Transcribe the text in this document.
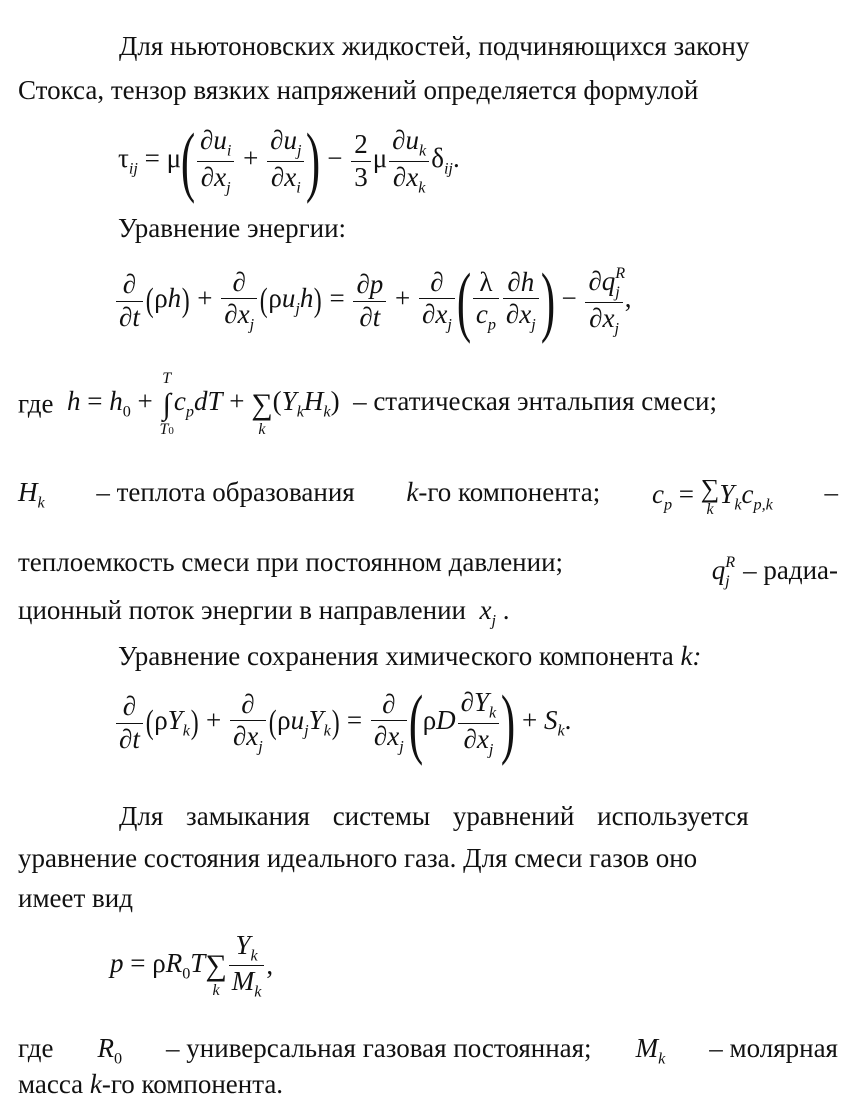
Для ньютоновских жидкостей, подчиняющихся закону
Стокса, тензор вязких напряжений определяется формулой
$\tau_{ij} = \mu( \frac{\partial u_i}{\partial x_j} + \frac{\partial u_j}{\partial x_i}$ ) − $\frac{2}{3}$ μ $\frac{\partial u_k}{\partial x_k} \delta_{ij}$.
Уравнение энергии:
∂
∂t (ρh) +
∂
$\partial x_j$
$(\rho u_jh) = \frac{\partial p}{\partial t}$ +
∂
$\partial x_j$ ( $\frac{\lambda}{c_p} \frac{\partial h}{\partial x_j}$ ) −
$\partial q^R_j$
$\partial x_j$
,
где $h = h_0$ +
T
∫
T0
$c_pdT$ +
∑
k
$(Y_kH_k)$  – статическая энтальпия смеси;
$H_k$ – теплота образования k-го компонента; $c_p$ = ∑
k
$Y_kc_{p,k}$ –
теплоемкость смеси при постоянном давлении;	$q^R_j$ – радиа-
ционный поток энергии в направлении $x_j$ .
Уравнение сохранения химического компонента k:
∂
∂t $(\rho Y_k)$ +
∂
$\partial x_j$
$(\rho u_jY_k)$ =
∂
$\partial x_j$ ($\rho D \frac{\partial Y_k}{\partial x_j}$ ) + $S_k$.
Для замыкания системы уравнений используется
уравнение состояния идеального газа. Для смеси газов оно
имеет вид
$p = \rho R_0T$
∑
k $\frac{Y_k}{M_k}$ ,
где $R_0$ – универсальная газовая постоянная; $M_k$ – молярная
масса k-го компонента.
